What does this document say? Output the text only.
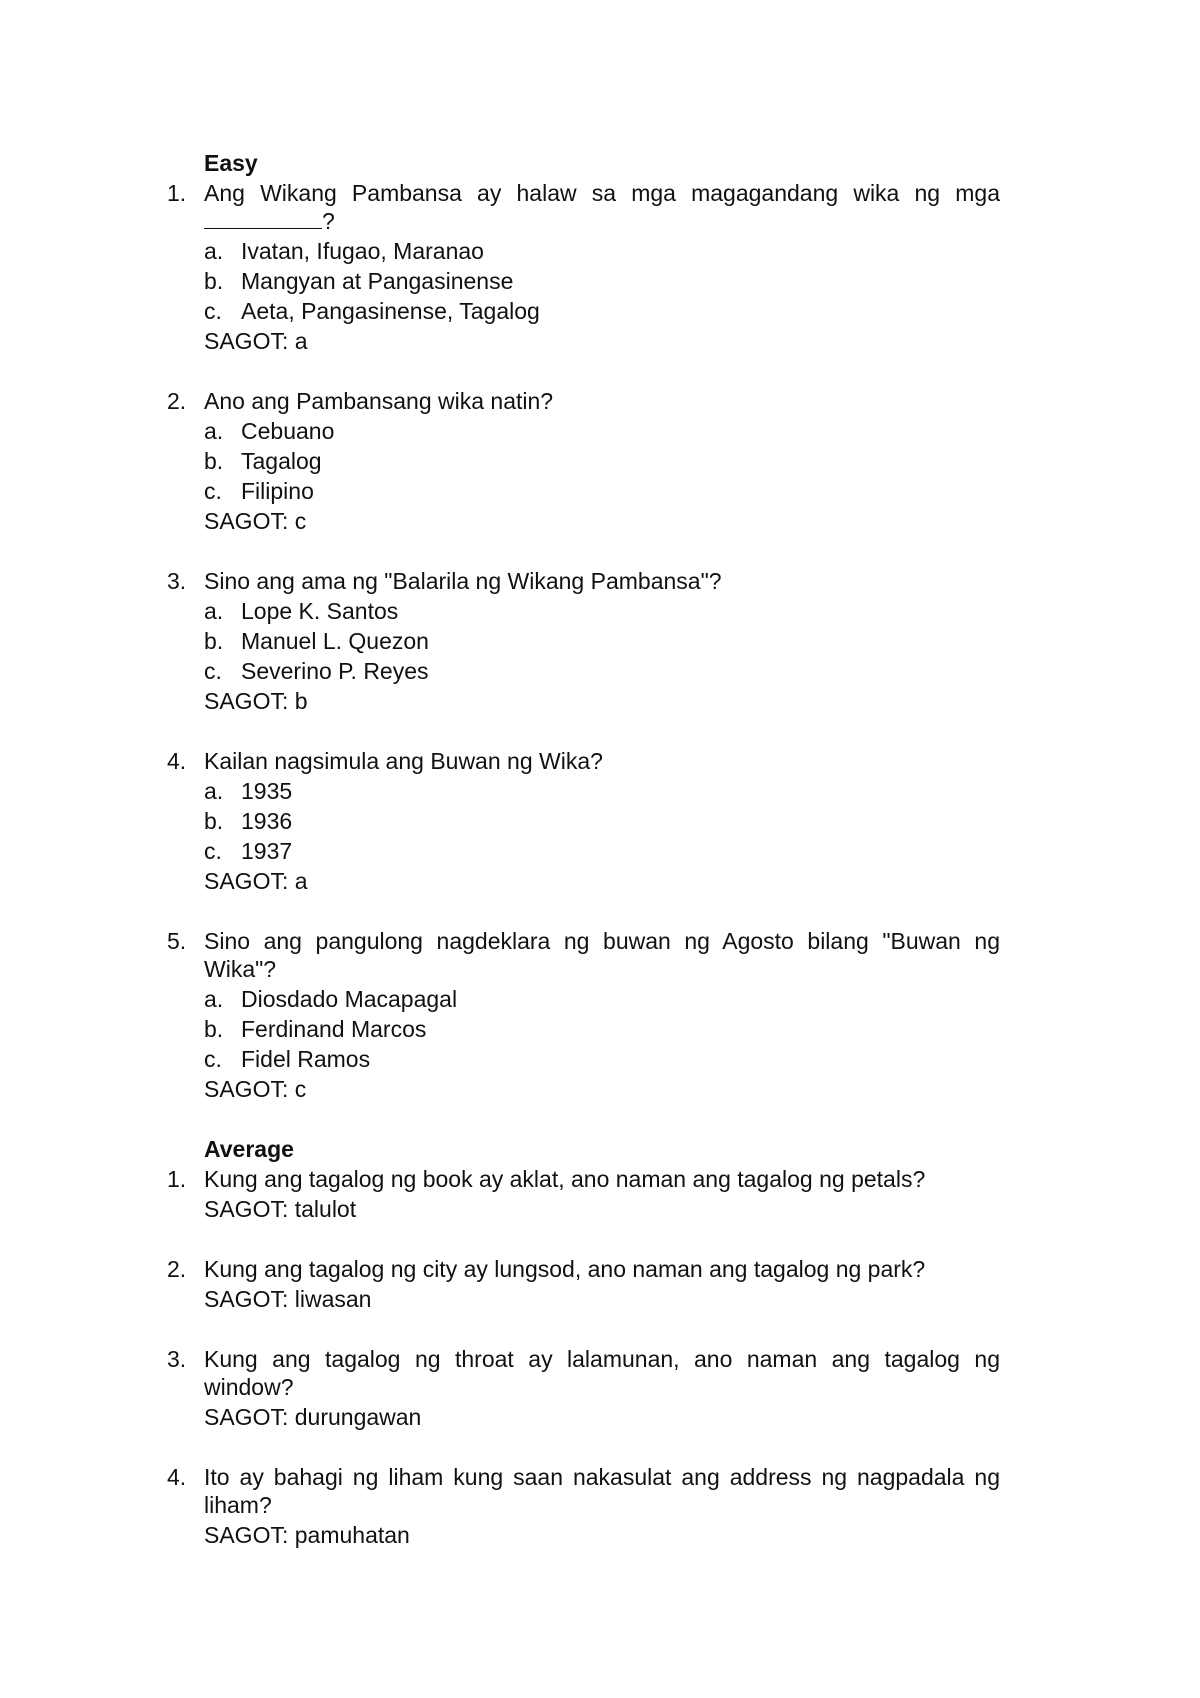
Easy
1. Ang Wikang Pambansa ay halaw sa mga magagandang wika ng mga ?
a. Ivatan, Ifugao, Maranao
b. Mangyan at Pangasinense
c. Aeta, Pangasinense, Tagalog
SAGOT: a
2. Ano ang Pambansang wika natin?
a. Cebuano
b. Tagalog
c. Filipino
SAGOT: c
3. Sino ang ama ng "Balarila ng Wikang Pambansa"?
a. Lope K. Santos
b. Manuel L. Quezon
c. Severino P. Reyes
SAGOT: b
4. Kailan nagsimula ang Buwan ng Wika?
a. 1935
b. 1936
c. 1937
SAGOT: a
5. Sino ang pangulong nagdeklara ng buwan ng Agosto bilang "Buwan ng Wika"?
a. Diosdado Macapagal
b. Ferdinand Marcos
c. Fidel Ramos
SAGOT: c
Average
1. Kung ang tagalog ng book ay aklat, ano naman ang tagalog ng petals?
SAGOT: talulot
2. Kung ang tagalog ng city ay lungsod, ano naman ang tagalog ng park?
SAGOT: liwasan
3. Kung ang tagalog ng throat ay lalamunan, ano naman ang tagalog ng window?
SAGOT: durungawan
4. Ito ay bahagi ng liham kung saan nakasulat ang address ng nagpadala ng liham?
SAGOT: pamuhatan
